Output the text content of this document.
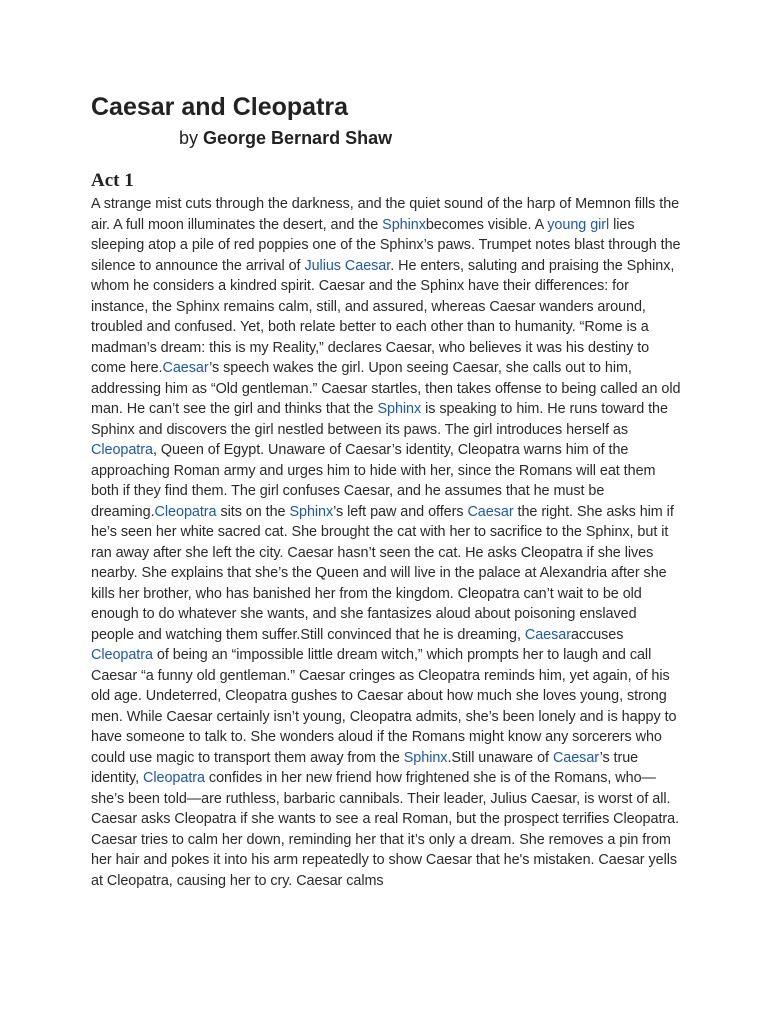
Caesar and Cleopatra
by George Bernard Shaw
Act 1

A strange mist cuts through the darkness, and the quiet sound of the harp of Memnon fills the air. A full moon illuminates the desert, and the Sphinxbecomes visible. A young girl lies sleeping atop a pile of red poppies one of the Sphinx’s paws. Trumpet notes blast through the silence to announce the arrival of Julius Caesar. He enters, saluting and praising the Sphinx, whom he considers a kindred spirit. Caesar and the Sphinx have their differences: for instance, the Sphinx remains calm, still, and assured, whereas Caesar wanders around, troubled and confused. Yet, both relate better to each other than to humanity. “Rome is a madman’s dream: this is my Reality,” declares Caesar, who believes it was his destiny to come here.Caesar’s speech wakes the girl. Upon seeing Caesar, she calls out to him, addressing him as “Old gentleman.” Caesar startles, then takes offense to being called an old man. He can’t see the girl and thinks that the Sphinx is speaking to him. He runs toward the Sphinx and discovers the girl nestled between its paws. The girl introduces herself as Cleopatra, Queen of Egypt. Unaware of Caesar’s identity, Cleopatra warns him of the approaching Roman army and urges him to hide with her, since the Romans will eat them both if they find them. The girl confuses Caesar, and he assumes that he must be dreaming.Cleopatra sits on the Sphinx’s left paw and offers Caesar the right. She asks him if he’s seen her white sacred cat. She brought the cat with her to sacrifice to the Sphinx, but it ran away after she left the city. Caesar hasn’t seen the cat. He asks Cleopatra if she lives nearby. She explains that she’s the Queen and will live in the palace at Alexandria after she kills her brother, who has banished her from the kingdom. Cleopatra can’t wait to be old enough to do whatever she wants, and she fantasizes aloud about poisoning enslaved people and watching them suffer.Still convinced that he is dreaming, Caesaraccuses Cleopatra of being an “impossible little dream witch,” which prompts her to laugh and call Caesar “a funny old gentleman.” Caesar cringes as Cleopatra reminds him, yet again, of his old age. Undeterred, Cleopatra gushes to Caesar about how much she loves young, strong men. While Caesar certainly isn’t young, Cleopatra admits, she’s been lonely and is happy to have someone to talk to. She wonders aloud if the Romans might know any sorcerers who could use magic to transport them away from the Sphinx.Still unaware of Caesar’s true identity, Cleopatra confides in her new friend how frightened she is of the Romans, who—she’s been told—are ruthless, barbaric cannibals. Their leader, Julius Caesar, is worst of all. Caesar asks Cleopatra if she wants to see a real Roman, but the prospect terrifies Cleopatra. Caesar tries to calm her down, reminding her that it’s only a dream. She removes a pin from her hair and pokes it into his arm repeatedly to show Caesar that he's mistaken. Caesar yells at Cleopatra, causing her to cry. Caesar calms
